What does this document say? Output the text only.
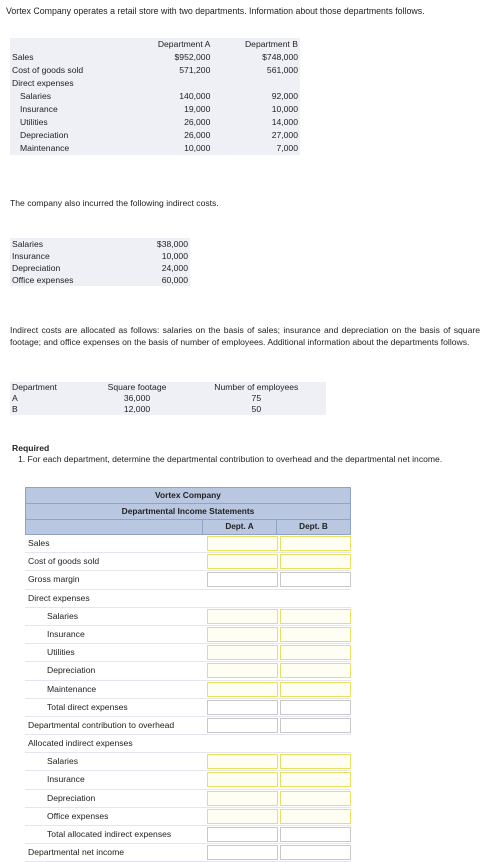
Vortex Company operates a retail store with two departments. Information about those departments follows.
	Department A	Department B
Sales	$952,000	$748,000
Cost of goods sold	571,200	561,000
Direct expenses		
Salaries	140,000	92,000
Insurance	19,000	10,000
Utilities	26,000	14,000
Depreciation	26,000	27,000
Maintenance	10,000	7,000
The company also incurred the following indirect costs.
Salaries	$38,000
Insurance	10,000
Depreciation	24,000
Office expenses	60,000
Indirect costs are allocated as follows: salaries on the basis of sales; insurance and depreciation on the basis of square footage; and office expenses on the basis of number of employees. Additional information about the departments follows.
Department	Square footage	Number of employees
A	36,000	75
B	12,000	50
Required
1. For each department, determine the departmental contribution to overhead and the departmental net income.
Vortex Company
Departmental Income Statements
Dept. A	Dept. B
Sales
Cost of goods sold
Gross margin
Direct expenses
Salaries
Insurance
Utilities
Depreciation
Maintenance
Total direct expenses
Departmental contribution to overhead
Allocated indirect expenses
Salaries
Insurance
Depreciation
Office expenses
Total allocated indirect expenses
Departmental net income
